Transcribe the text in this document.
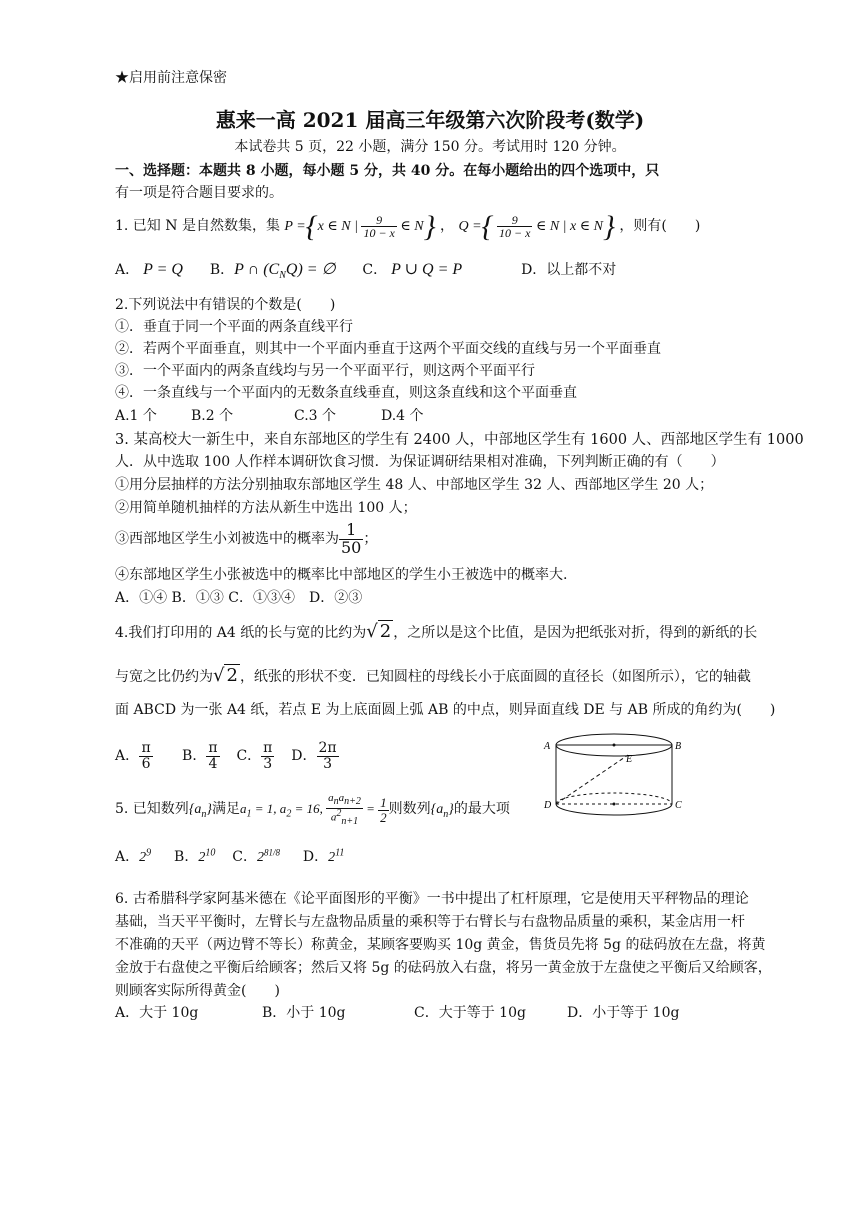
★启用前注意保密
惠来一高 2021 届高三年级第六次阶段考(数学)
本试卷共 5 页，22 小题，满分 150 分。考试用时 120 分钟。
一、选择题：本题共 8 小题，每小题 5 分，共 40 分。在每小题给出的四个选项中，只
有一项是符合题目要求的。
1. 已知 N 是自然数集，集 P ={x ∈ N | $\frac{9}{10 - x}$ ∈ N} ， Q ={ $\frac{9}{10 - x}$ ∈ N | x ∈ N} ，则有(　　)
A． P = Q B．P ∩ $(C_NQ)$ = ∅ C． P ∪ Q = P	D．以上都不对
2.下列说法中有错误的个数是(　　)
①．垂直于同一个平面的两条直线平行
②．若两个平面垂直，则其中一个平面内垂直于这两个平面交线的直线与另一个平面垂直
③．一个平面内的两条直线均与另一个平面平行，则这两个平面平行
④．一条直线与一个平面内的无数条直线垂直，则这条直线和这个平面垂直
A.1 个 B.2 个	C.3 个	D.4 个
3. 某高校大一新生中，来自东部地区的学生有 2400 人，中部地区学生有 1600 人、西部地区学生有 1000
人．从中选取 100 人作样本调研饮食习惯．为保证调研结果相对准确，下列判断正确的有（　　）
①用分层抽样的方法分别抽取东部地区学生 48 人、中部地区学生 32 人、西部地区学生 20 人；
②用简单随机抽样的方法从新生中选出 100 人；
③西部地区学生小刘被选中的概率为 $\frac{1}{50}$ ；
④东部地区学生小张被选中的概率比中部地区的学生小王被选中的概率大.
A．①④ B．①③ C．①③④　D．②③
4.我们打印用的 A4 纸的长与宽的比约为√ 2 ，之所以是这个比值，是因为把纸张对折，得到的新纸的长
与宽之比仍约为√ 2 ，纸张的形状不变．已知圆柱的母线长小于底面圆的直径长（如图所示），它的轴截
面 ABCD 为一张 A4 纸，若点 E 为上底面圆上弧 AB 的中点，则异面直线 DE 与 AB 所成的角约为(　　)
A． $\frac{\pi}{6}$ B． $\frac{\pi}{4}$ C． $\frac{\pi}{3}$ D． $\frac{2\pi}{3}$	A	B
C
D
E
5. 已知数列$\{a_n\}$满足$a_1 = 1$, $a_2 = 16$, $\frac{a_na_{n+2}}{a^2_{n+1}} = \frac{1}{2}$ 则数列$\{a_n\}$的最大项
A．$2^9$ B．$2^{10}$ C．$2^{81/8}$ D．$2^{11}$
6. 古希腊科学家阿基米德在《论平面图形的平衡》一书中提出了杠杆原理，它是使用天平秤物品的理论
基础，当天平平衡时，左臂长与左盘物品质量的乘积等于右臂长与右盘物品质量的乘积，某金店用一杆
不准确的天平（两边臂不等长）称黄金，某顾客要购买 10g 黄金，售货员先将 5g 的砝码放在左盘，将黄
金放于右盘使之平衡后给顾客；然后又将 5g 的砝码放入右盘，将另一黄金放于左盘使之平衡后又给顾客，
则顾客实际所得黄金(　　)
A．大于 10g	B．小于 10g	C．大于等于 10g	D．小于等于 10g
